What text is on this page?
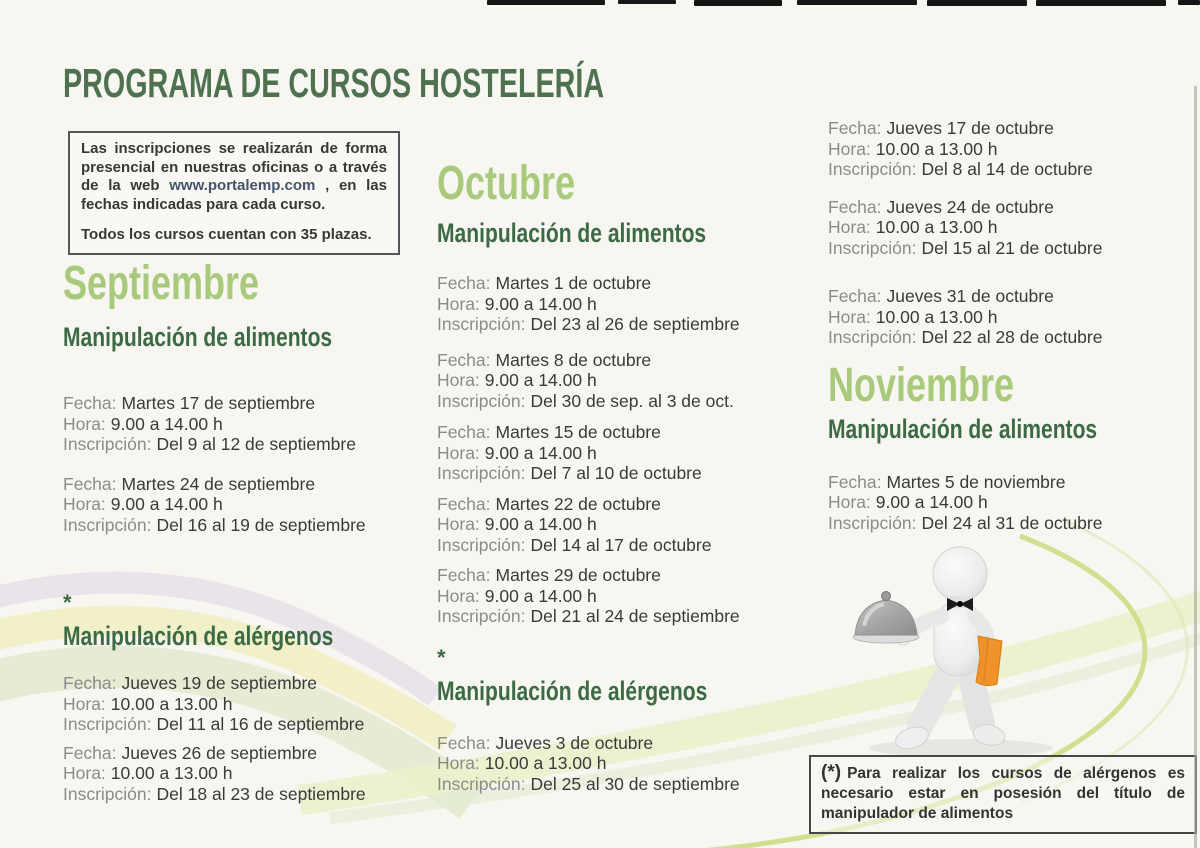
PROGRAMA DE CURSOS HOSTELERÍA

Las inscripciones se realizarán de forma presencial en nuestras oficinas o a través de la web www.portalemp.com , en las fechas indicadas para cada curso.

Todos los cursos cuentan con 35 plazas.

Septiembre
Manipulación de alimentos
Fecha: Martes 17 de septiembre
Hora: 9.00 a 14.00 h
Inscripción: Del 9 al 12 de septiembre
Fecha: Martes 24 de septiembre
Hora: 9.00 a 14.00 h
Inscripción: Del 16 al 19 de septiembre
*Manipulación de alérgenos
Fecha: Jueves 19 de septiembre
Hora: 10.00 a 13.00 h
Inscripción: Del 11 al 16 de septiembre
Fecha: Jueves 26 de septiembre
Hora: 10.00 a 13.00 h
Inscripción: Del 18 al 23 de septiembre
Octubre
Manipulación de alimentos
Fecha: Martes 1 de octubre
Hora: 9.00 a 14.00 h
Inscripción: Del 23 al 26 de septiembre
Fecha: Martes 8 de octubre
Hora: 9.00 a 14.00 h
Inscripción: Del 30 de sep. al 3 de oct.
Fecha: Martes 15 de octubre
Hora: 9.00 a 14.00 h
Inscripción: Del 7 al 10 de octubre
Fecha: Martes 22 de octubre
Hora: 9.00 a 14.00 h
Inscripción: Del 14 al 17 de octubre
Fecha: Martes 29 de octubre
Hora: 9.00 a 14.00 h
Inscripción: Del 21 al 24 de septiembre
*Manipulación de alérgenos
Fecha: Jueves 3 de octubre
Hora: 10.00 a 13.00 h
Inscripción: Del 25 al 30 de septiembre
Fecha: Jueves 17 de octubre
Hora: 10.00 a 13.00 h
Inscripción: Del 8 al 14 de octubre
Fecha: Jueves 24 de octubre
Hora: 10.00 a 13.00 h
Inscripción: Del 15 al 21 de octubre
Fecha: Jueves 31 de octubre
Hora: 10.00 a 13.00 h
Inscripción: Del 22 al 28 de octubre
Noviembre
Manipulación de alimentos
Fecha: Martes 5 de noviembre
Hora: 9.00 a 14.00 h
Inscripción: Del 24 al 31 de octubre
(*) Para realizar los cursos de alérgenos es necesario estar en posesión del título de manipulador de alimentos
